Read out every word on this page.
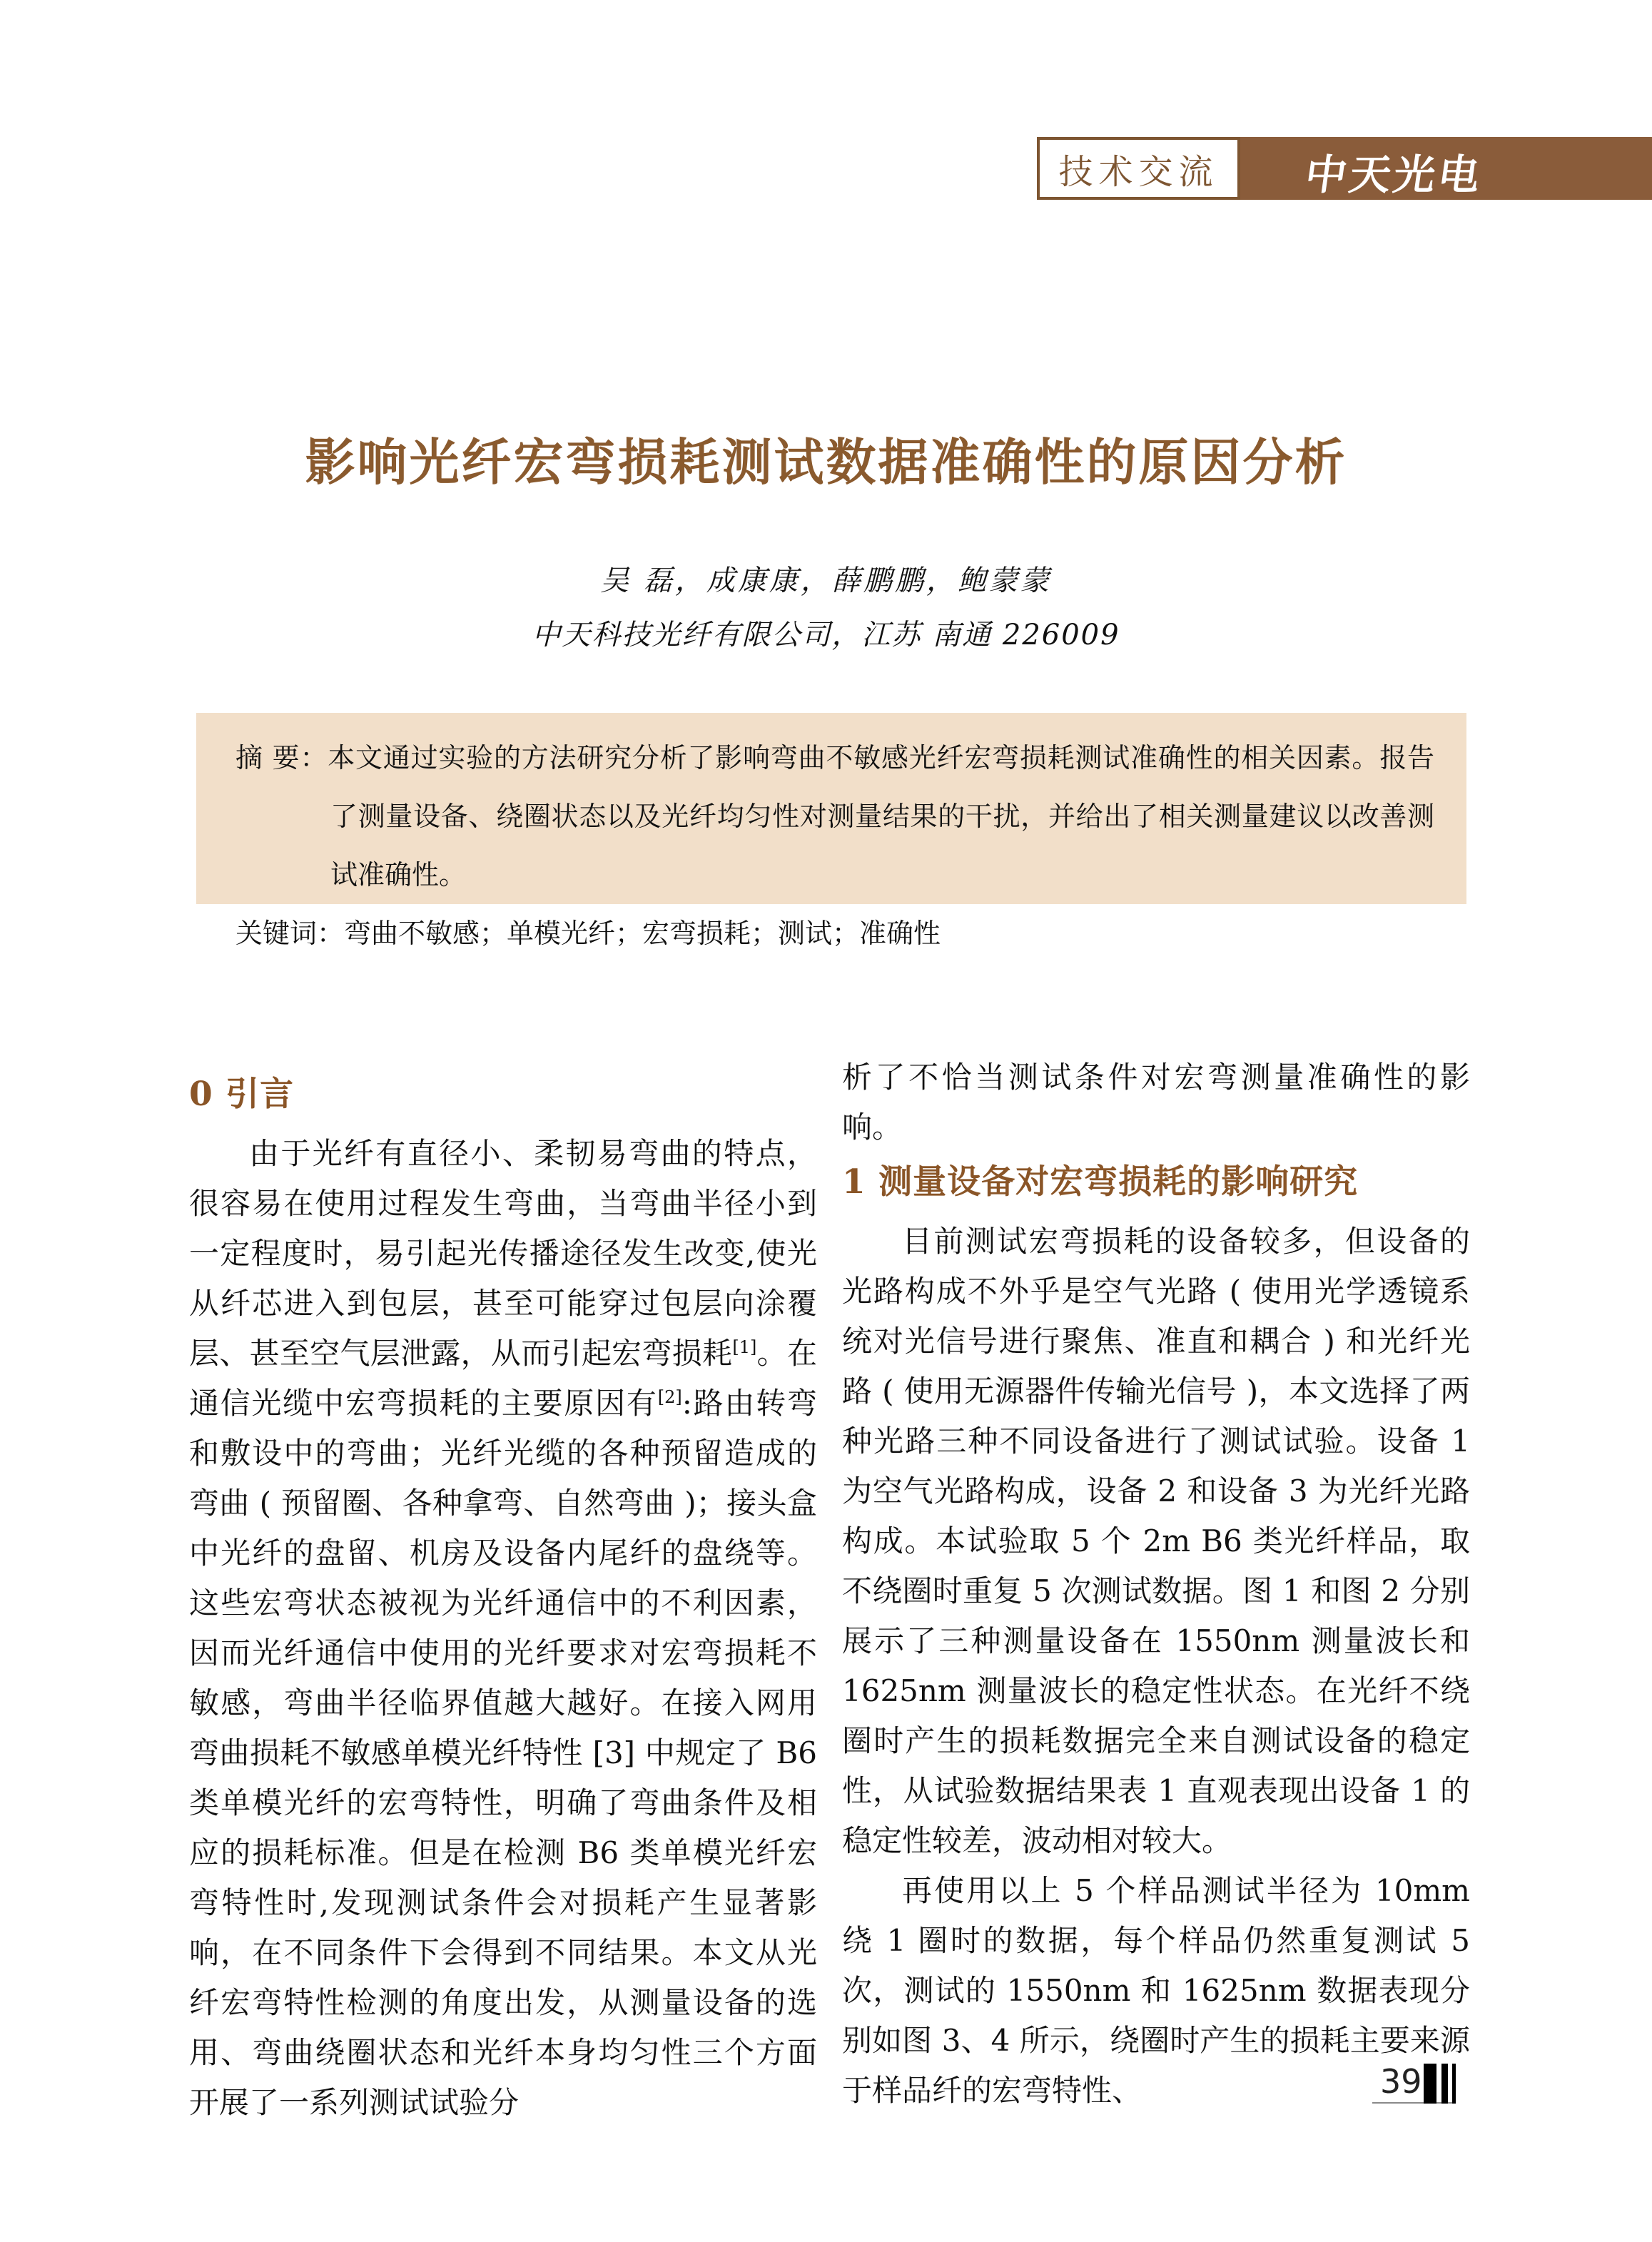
技术交流 中天光电
影响光纤宏弯损耗测试数据准确性的原因分析
吴 磊，成康康，薛鹏鹏，鲍蒙蒙
中天科技光纤有限公司，江苏 南通 226009

摘 要：本文通过实验的方法研究分析了影响弯曲不敏感光纤宏弯损耗测试准确性的相关因素。报告了测量设备、绕圈状态以及光纤均匀性对测量结果的干扰，并给出了相关测量建议以改善测试准确性。

关键词：弯曲不敏感；单模光纤；宏弯损耗；测试；准确性

0 引言

由于光纤有直径小、柔韧易弯曲的特点，很容易在使用过程发生弯曲，当弯曲半径小到一定程度时，易引起光传播途径发生改变,使光从纤芯进入到包层，甚至可能穿过包层向涂覆层、甚至空气层泄露，从而引起宏弯损耗[1]。在通信光缆中宏弯损耗的主要原因有[2]:路由转弯和敷设中的弯曲；光纤光缆的各种预留造成的弯曲 ( 预留圈、各种拿弯、自然弯曲 )；接头盒中光纤的盘留、机房及设备内尾纤的盘绕等。这些宏弯状态被视为光纤通信中的不利因素，因而光纤通信中使用的光纤要求对宏弯损耗不敏感，弯曲半径临界值越大越好。在接入网用弯曲损耗不敏感单模光纤特性 [3] 中规定了 B6 类单模光纤的宏弯特性，明确了弯曲条件及相应的损耗标准。但是在检测 B6 类单模光纤宏弯特性时,发现测试条件会对损耗产生显著影响，在不同条件下会得到不同结果。本文从光纤宏弯特性检测的角度出发，从测量设备的选用、弯曲绕圈状态和光纤本身均匀性三个方面开展了一系列测试试验分

析了不恰当测试条件对宏弯测量准确性的影响。

1 测量设备对宏弯损耗的影响研究

目前测试宏弯损耗的设备较多，但设备的光路构成不外乎是空气光路 ( 使用光学透镜系统对光信号进行聚焦、准直和耦合 ) 和光纤光路 ( 使用无源器件传输光信号 )，本文选择了两种光路三种不同设备进行了测试试验。设备 1 为空气光路构成，设备 2 和设备 3 为光纤光路构成。本试验取 5 个 2m B6 类光纤样品，取不绕圈时重复 5 次测试数据。图 1 和图 2 分别展示了三种测量设备在 1550nm 测量波长和 1625nm 测量波长的稳定性状态。在光纤不绕圈时产生的损耗数据完全来自测试设备的稳定性，从试验数据结果表 1 直观表现出设备 1 的稳定性较差，波动相对较大。

再使用以上 5 个样品测试半径为 10mm 绕 1 圈时的数据，每个样品仍然重复测试 5 次，测试的 1550nm 和 1625nm 数据表现分别如图 3、4 所示，绕圈时产生的损耗主要来源于样品纤的宏弯特性、	39
